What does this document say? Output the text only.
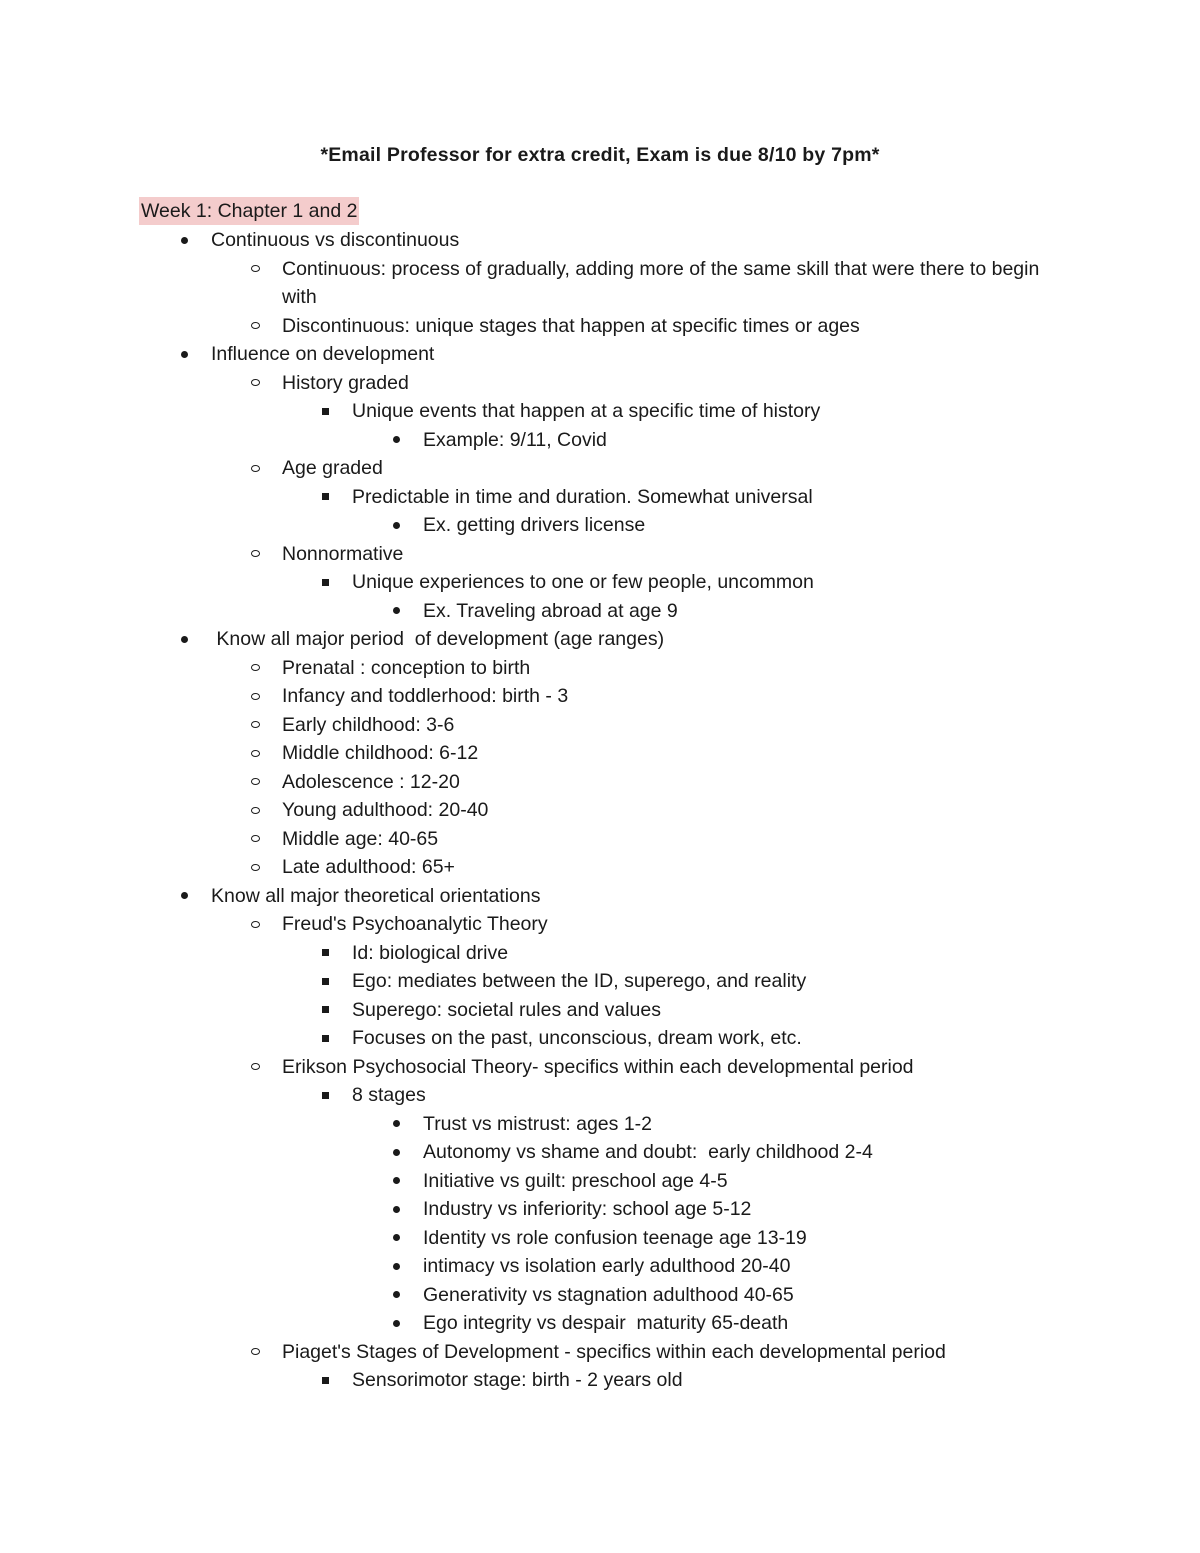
*Email Professor for extra credit, Exam is due 8/10 by 7pm*
Week 1: Chapter 1 and 2
Continuous vs discontinuous
Continuous: process of gradually, adding more of the same skill that were there to begin with
Discontinuous: unique stages that happen at specific times or ages
Influence on development
History graded
Unique events that happen at a specific time of history
Example: 9/11, Covid
Age graded
Predictable in time and duration. Somewhat universal
Ex. getting drivers license
Nonnormative
Unique experiences to one or few people, uncommon
Ex. Traveling abroad at age 9
Know all major period  of development (age ranges)
Prenatal : conception to birth
Infancy and toddlerhood: birth - 3
Early childhood: 3-6
Middle childhood: 6-12
Adolescence : 12-20
Young adulthood: 20-40
Middle age: 40-65
Late adulthood: 65+
Know all major theoretical orientations
Freud's Psychoanalytic Theory
Id: biological drive
Ego: mediates between the ID, superego, and reality
Superego: societal rules and values
Focuses on the past, unconscious, dream work, etc.
Erikson Psychosocial Theory- specifics within each developmental period
8 stages
Trust vs mistrust: ages 1-2
Autonomy vs shame and doubt:  early childhood 2-4
Initiative vs guilt: preschool age 4-5
Industry vs inferiority: school age 5-12
Identity vs role confusion teenage age 13-19
intimacy vs isolation early adulthood 20-40
Generativity vs stagnation adulthood 40-65
Ego integrity vs despair  maturity 65-death
Piaget's Stages of Development - specifics within each developmental period
Sensorimotor stage: birth - 2 years old
